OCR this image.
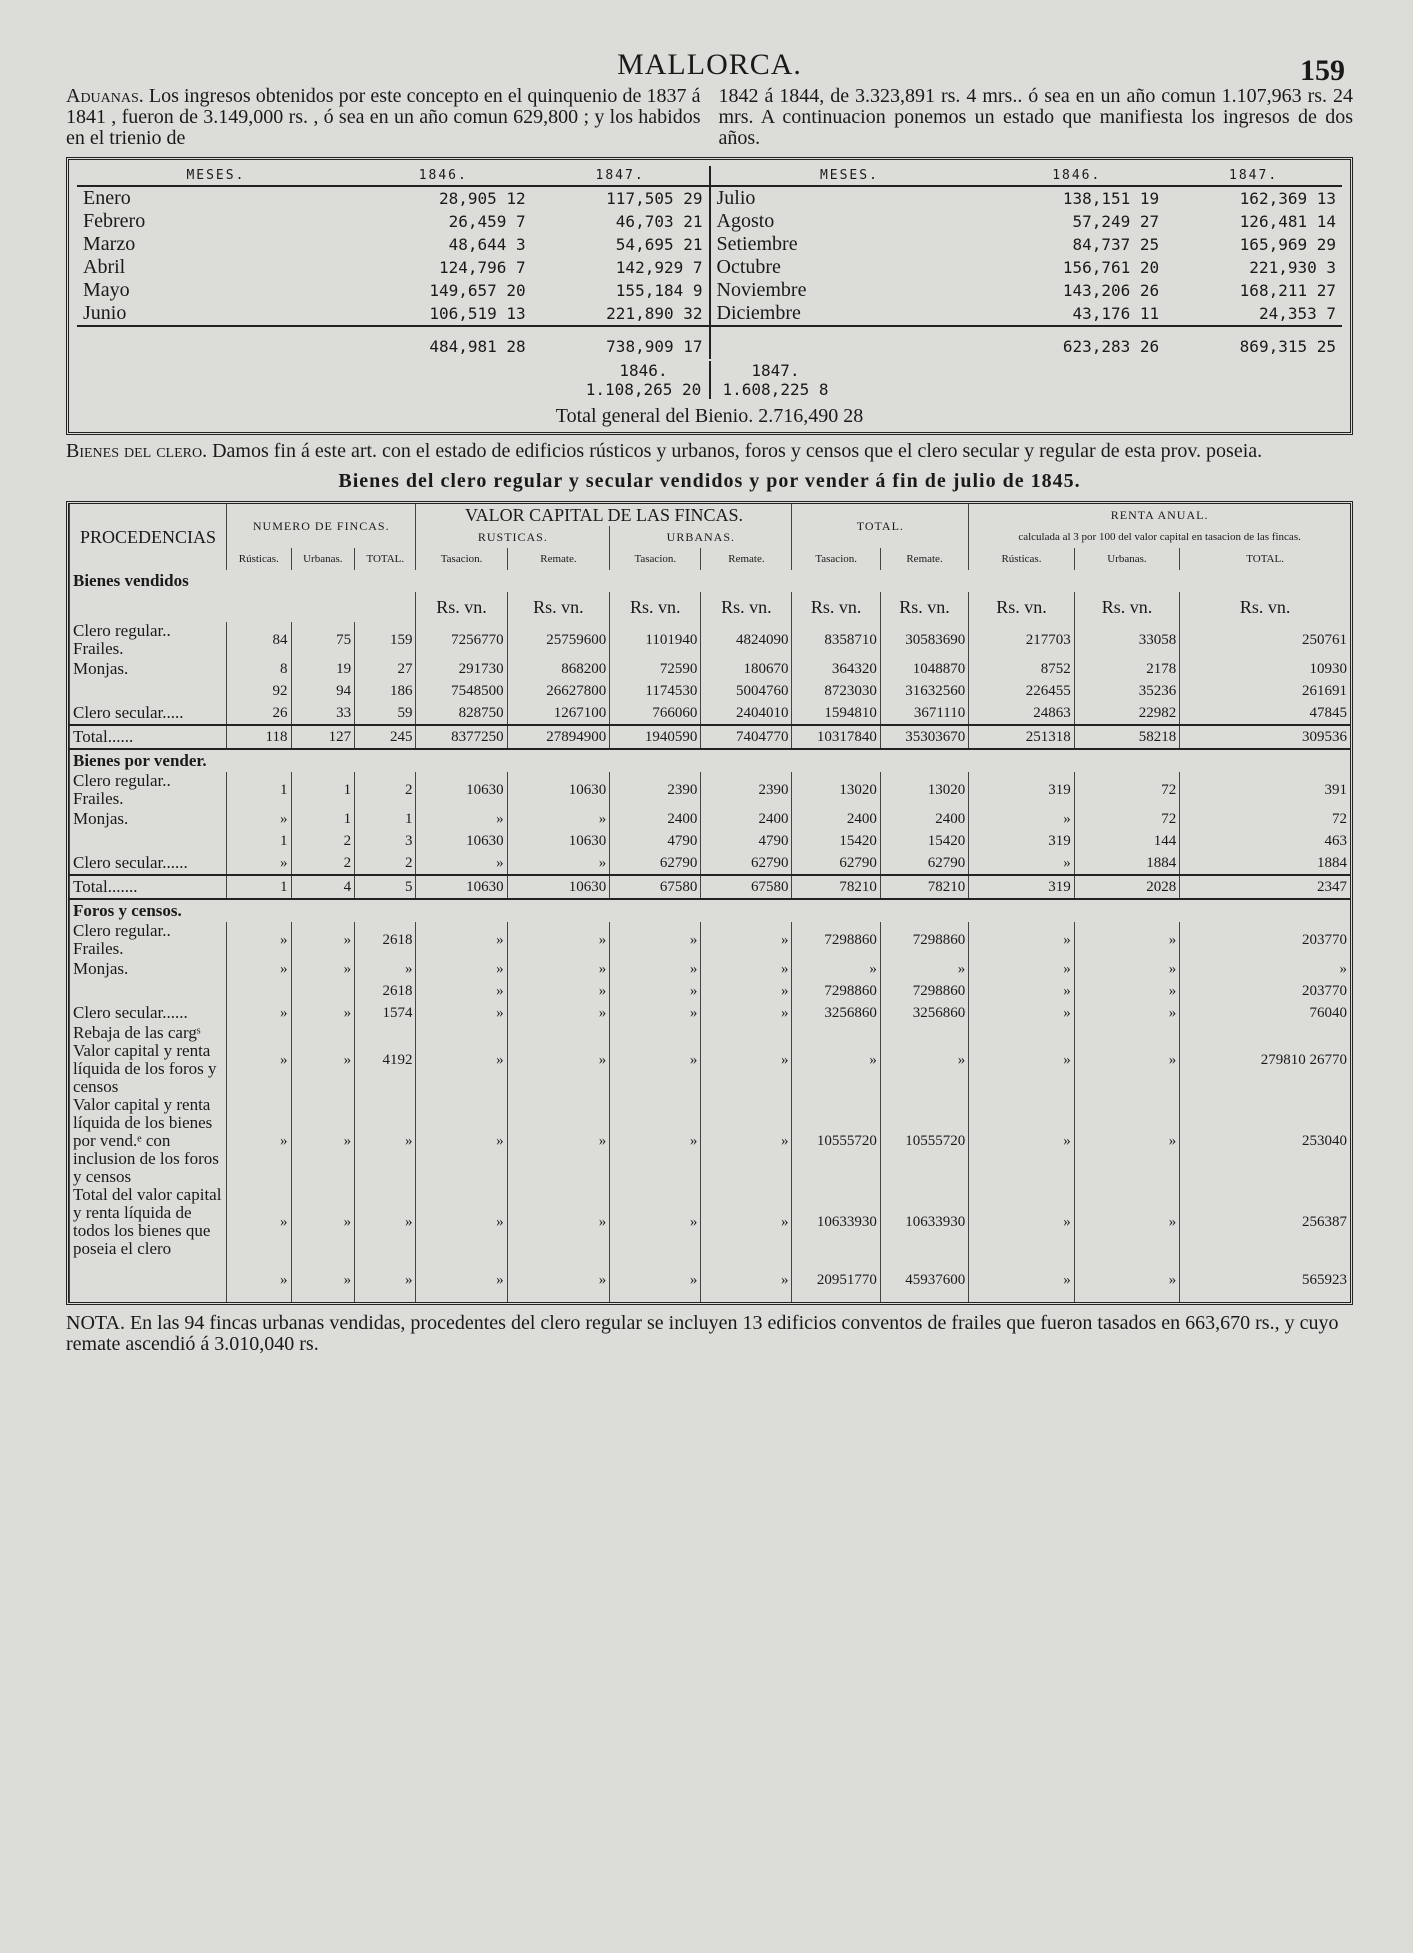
MALLORCA.	159
Aduanas. Los ingresos obtenidos por este concepto en el quinquenio de 1837 á 1841 , fueron de 3.149,000 rs. , ó sea en un año comun 629,800 ; y los habidos en el trienio de
1842 á 1844, de 3.323,891 rs. 4 mrs.. ó sea en un año comun 1.107,963 rs. 24 mrs. A continuacion ponemos un estado que manifiesta los ingresos de dos años.
MESES.	1846.	1847.
Enero	28,905 12	117,505 29
Febrero	26,459 7	46,703 21
Marzo	48,644 3	54,695 21
Abril	124,796 7	142,929 7
Mayo	149,657 20	155,184 9
Junio	106,519 13	221,890 32
	484,981 28	738,909 17
MESES.	1846.	1847.
Julio	138,151 19	162,369 13
Agosto	57,249 27	126,481 14
Setiembre	84,737 25	165,969 29
Octubre	156,761 20	221,930 3
Noviembre	143,206 26	168,211 27
Diciembre	43,176 11	24,353 7
	623,283 26	869,315 25
1846.	1847.

1.108,265 20	1.608,225 8
Total general del Bienio. 2.716,490 28
Bienes del clero. Damos fin á este art. con el estado de edificios rústicos y urbanos, foros y censos que el clero secular y regular de esta prov. poseia.
Bienes del clero regular y secular vendidos y por vender á fin de julio de 1845.
PROCEDENCIAS	NUMERO DE FINCAS.			VALOR CAPITAL DE LAS FINCAS.				TOTAL.		RENTA ANUAL.		
				RUSTICAS.		URBANAS.				calculada al 3 por 100 del valor capital en tasacion de las fincas.		
	Rústicas.	Urbanas.	TOTAL.	Tasacion.	Remate.	Tasacion.	Remate.	Tasacion.	Remate.	Rústicas.	Urbanas.	TOTAL.
Bienes vendidos												
				Rs. vn.	Rs. vn.	Rs. vn.	Rs. vn.	Rs. vn.	Rs. vn.	Rs. vn.	Rs. vn.	Rs. vn.
Clero regular.. Frailes.	84	75	159	7256770	25759600	1101940	4824090	8358710	30583690	217703	33058	250761
Monjas.	8	19	27	291730	868200	72590	180670	364320	1048870	8752	2178	10930
	92	94	186	7548500	26627800	1174530	5004760	8723030	31632560	226455	35236	261691
Clero secular.....	26	33	59	828750	1267100	766060	2404010	1594810	3671110	24863	22982	47845
Total......	118	127	245	8377250	27894900	1940590	7404770	10317840	35303670	251318	58218	309536
Bienes por vender.												
Clero regular.. Frailes.	1	1	2	10630	10630	2390	2390	13020	13020	319	72	391
Monjas.	»	1	1	»	»	2400	2400	2400	2400	»	72	72
	1	2	3	10630	10630	4790	4790	15420	15420	319	144	463
Clero secular......	»	2	2	»	»	62790	62790	62790	62790	»	1884	1884
Total.......	1	4	5	10630	10630	67580	67580	78210	78210	319	2028	2347
Foros y censos.												
Clero regular.. Frailes.	»	»	2618	»	»	»	»	7298860	7298860	»	»	203770
Monjas.	»	»	»	»	»	»	»	»	»	»	»	»
			2618	»	»	»	»	7298860	7298860	»	»	203770
Clero secular......	»	»	1574	»	»	»	»	3256860	3256860	»	»	76040
Rebaja de las cargˢ Valor capital y renta líquida de los foros y censos	»	»	4192	»	»	»	»	»	»	»	»	279810 26770
Valor capital y renta líquida de los bienes por vend.ᵉ con inclusion de los foros y censos	»	»	»	»	»	»	»	10555720	10555720	»	»	253040
Total del valor capital y renta líquida de todos los bienes que poseia el clero	»	»	»	»	»	»	»	10633930	10633930	»	»	256387
	»	»	»	»	»	»	»	20951770	45937600	»	»	565923
NOTA. En las 94 fincas urbanas vendidas, procedentes del clero regular se incluyen 13 edificios conventos de frailes que fueron tasados en 663,670 rs., y cuyo remate ascendió á 3.010,040 rs.
